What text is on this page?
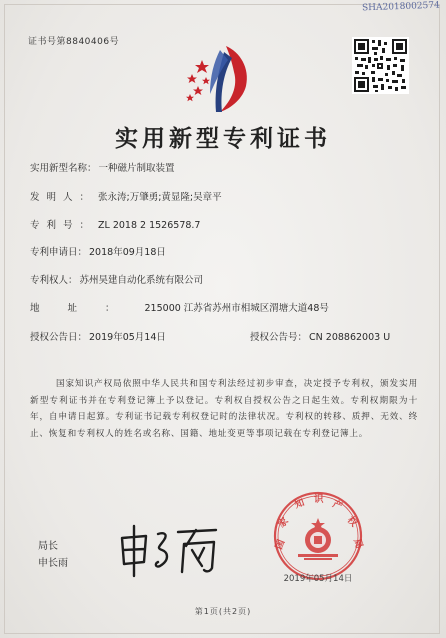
SHA2018002574
证书号第8840406号
实用新型专利证书
实用新型名称： 一种磁片制取装置
发明人： 张永涛;万肇勇;黄显隆;吴章平
专利号： ZL 2018 2 1526578.7
专利申请日： 2018年09月18日
专利权人： 苏州昊建自动化系统有限公司
地址： 215000 江苏省苏州市相城区渭塘大道48号
授权公告日： 2019年05月14日	授权公告号： CN 208862003 U
国家知识产权局依照中华人民共和国专利法经过初步审查，决定授予专利权，颁发实用新型专利证书并在专利登记簿上予以登记。专利权自授权公告之日起生效。专利权期限为十年，自申请日起算。专利证书记载专利权登记时的法律状况。专利权的转移、质押、无效、终止、恢复和专利权人的姓名或名称、国籍、地址变更等事项记载在专利登记簿上。
局长
申长雨
国
家
知 识 产
权
局
2019年05月14日
第1页(共2页)
